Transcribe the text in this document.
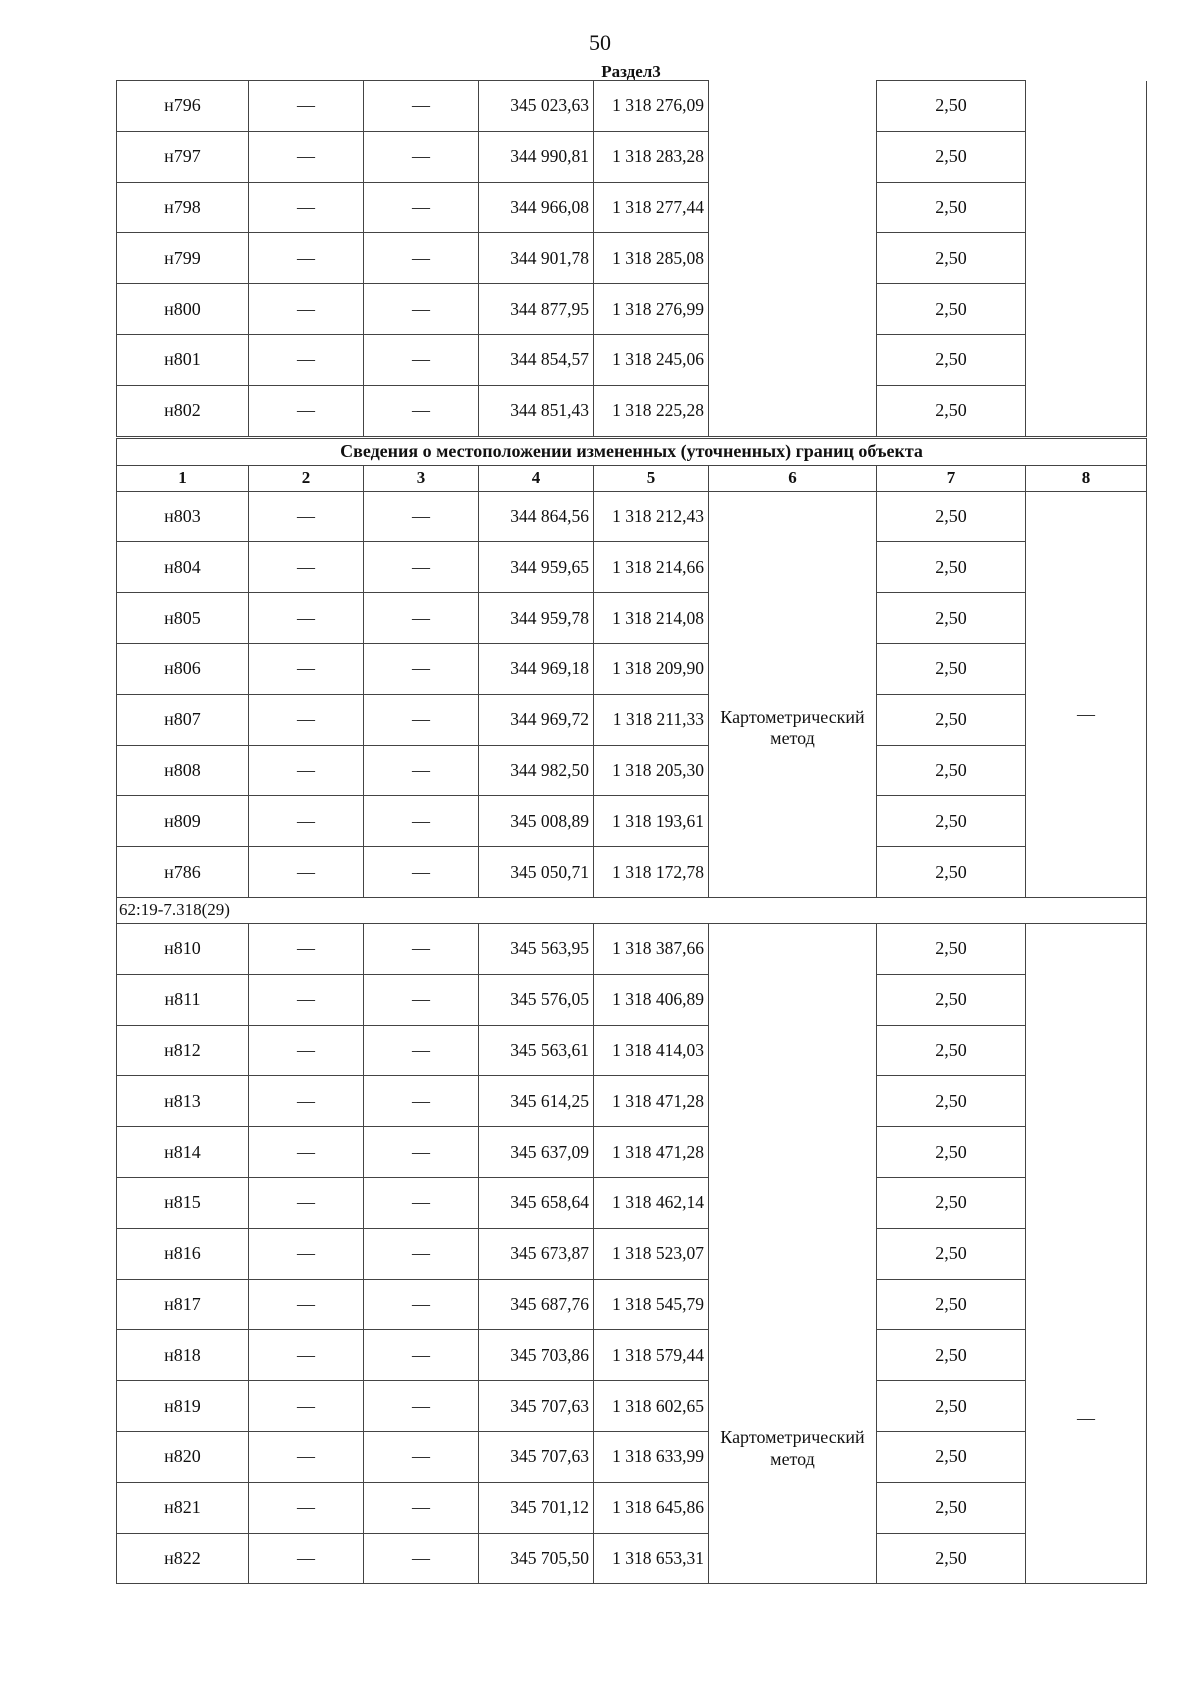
50
Раздел3
н796	—	—	345 023,63	1 318 276,09		2,50	
н797	—	—	344 990,81	1 318 283,28		2,50	
н798	—	—	344 966,08	1 318 277,44		2,50	
н799	—	—	344 901,78	1 318 285,08		2,50	
н800	—	—	344 877,95	1 318 276,99		2,50	
н801	—	—	344 854,57	1 318 245,06		2,50	
н802	—	—	344 851,43	1 318 225,28		2,50	
Сведения о местоположении измененных (уточненных) границ объекта							
1	2	3	4	5	6	7	8
н803	—	—	344 864,56	1 318 212,43	Картометрический метод	2,50	—
н804	—	—	344 959,65	1 318 214,66		2,50	
н805	—	—	344 959,78	1 318 214,08		2,50	
н806	—	—	344 969,18	1 318 209,90		2,50	
н807	—	—	344 969,72	1 318 211,33		2,50	
н808	—	—	344 982,50	1 318 205,30		2,50	
н809	—	—	345 008,89	1 318 193,61		2,50	
н786	—	—	345 050,71	1 318 172,78		2,50	
62:19-7.318(29)							
н810	—	—	345 563,95	1 318 387,66	Картометрический метод	2,50	—
н811	—	—	345 576,05	1 318 406,89		2,50	
н812	—	—	345 563,61	1 318 414,03		2,50	
н813	—	—	345 614,25	1 318 471,28		2,50	
н814	—	—	345 637,09	1 318 471,28		2,50	
н815	—	—	345 658,64	1 318 462,14		2,50	
н816	—	—	345 673,87	1 318 523,07		2,50	
н817	—	—	345 687,76	1 318 545,79		2,50	
н818	—	—	345 703,86	1 318 579,44		2,50	
н819	—	—	345 707,63	1 318 602,65		2,50	
н820	—	—	345 707,63	1 318 633,99		2,50	
н821	—	—	345 701,12	1 318 645,86		2,50	
н822	—	—	345 705,50	1 318 653,31		2,50	
